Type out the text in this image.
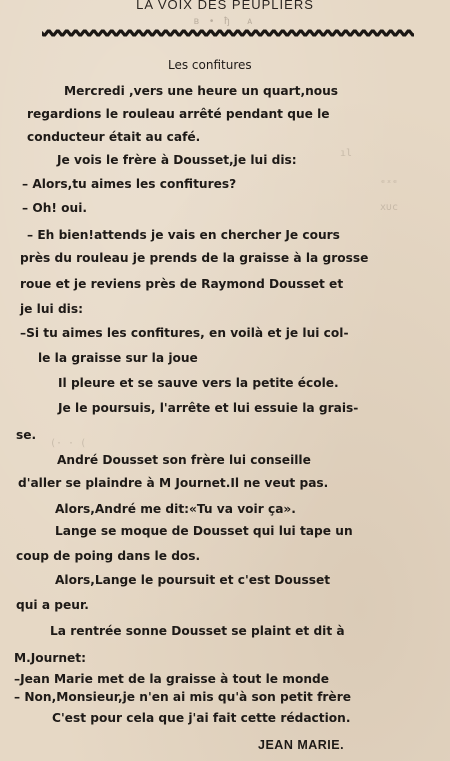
LA VOIX DES PEUPLIERS
в • ђ  ᴀ
ıl
ₑₓₑ
x∪c
(· · (
Les confitures
Mercredi ,vers une heure un quart,nous
regardions le rouleau arrêté pendant que le
conducteur était au café.
Je vois le frère à Dousset,je lui dis:
– Alors,tu aimes les confitures?
– Oh! oui.
– Eh bien!attends je vais en chercher Je cours
près du rouleau je prends de la graisse à la grosse
roue et je reviens près de Raymond Dousset et
je lui dis:
–Si tu aimes les confitures, en voilà et je lui col-
le la graisse sur la joue
Il pleure et se sauve vers la petite école.
Je le poursuis, l'arrête et lui essuie la grais-
se.
André Dousset son frère lui conseille
d'aller se plaindre à M Journet.Il ne veut pas.
Alors,André me dit:«Tu va voir ça».
Lange se moque de Dousset qui lui tape un
coup de poing dans le dos.
Alors,Lange le poursuit et c'est Dousset
qui a peur.
La rentrée sonne Dousset se plaint et dit à
M.Journet:
–Jean Marie met de la graisse à tout le monde
– Non,Monsieur,je n'en ai mis qu'à son petit frère
C'est pour cela que j'ai fait cette rédaction.
JEAN MARIE.
